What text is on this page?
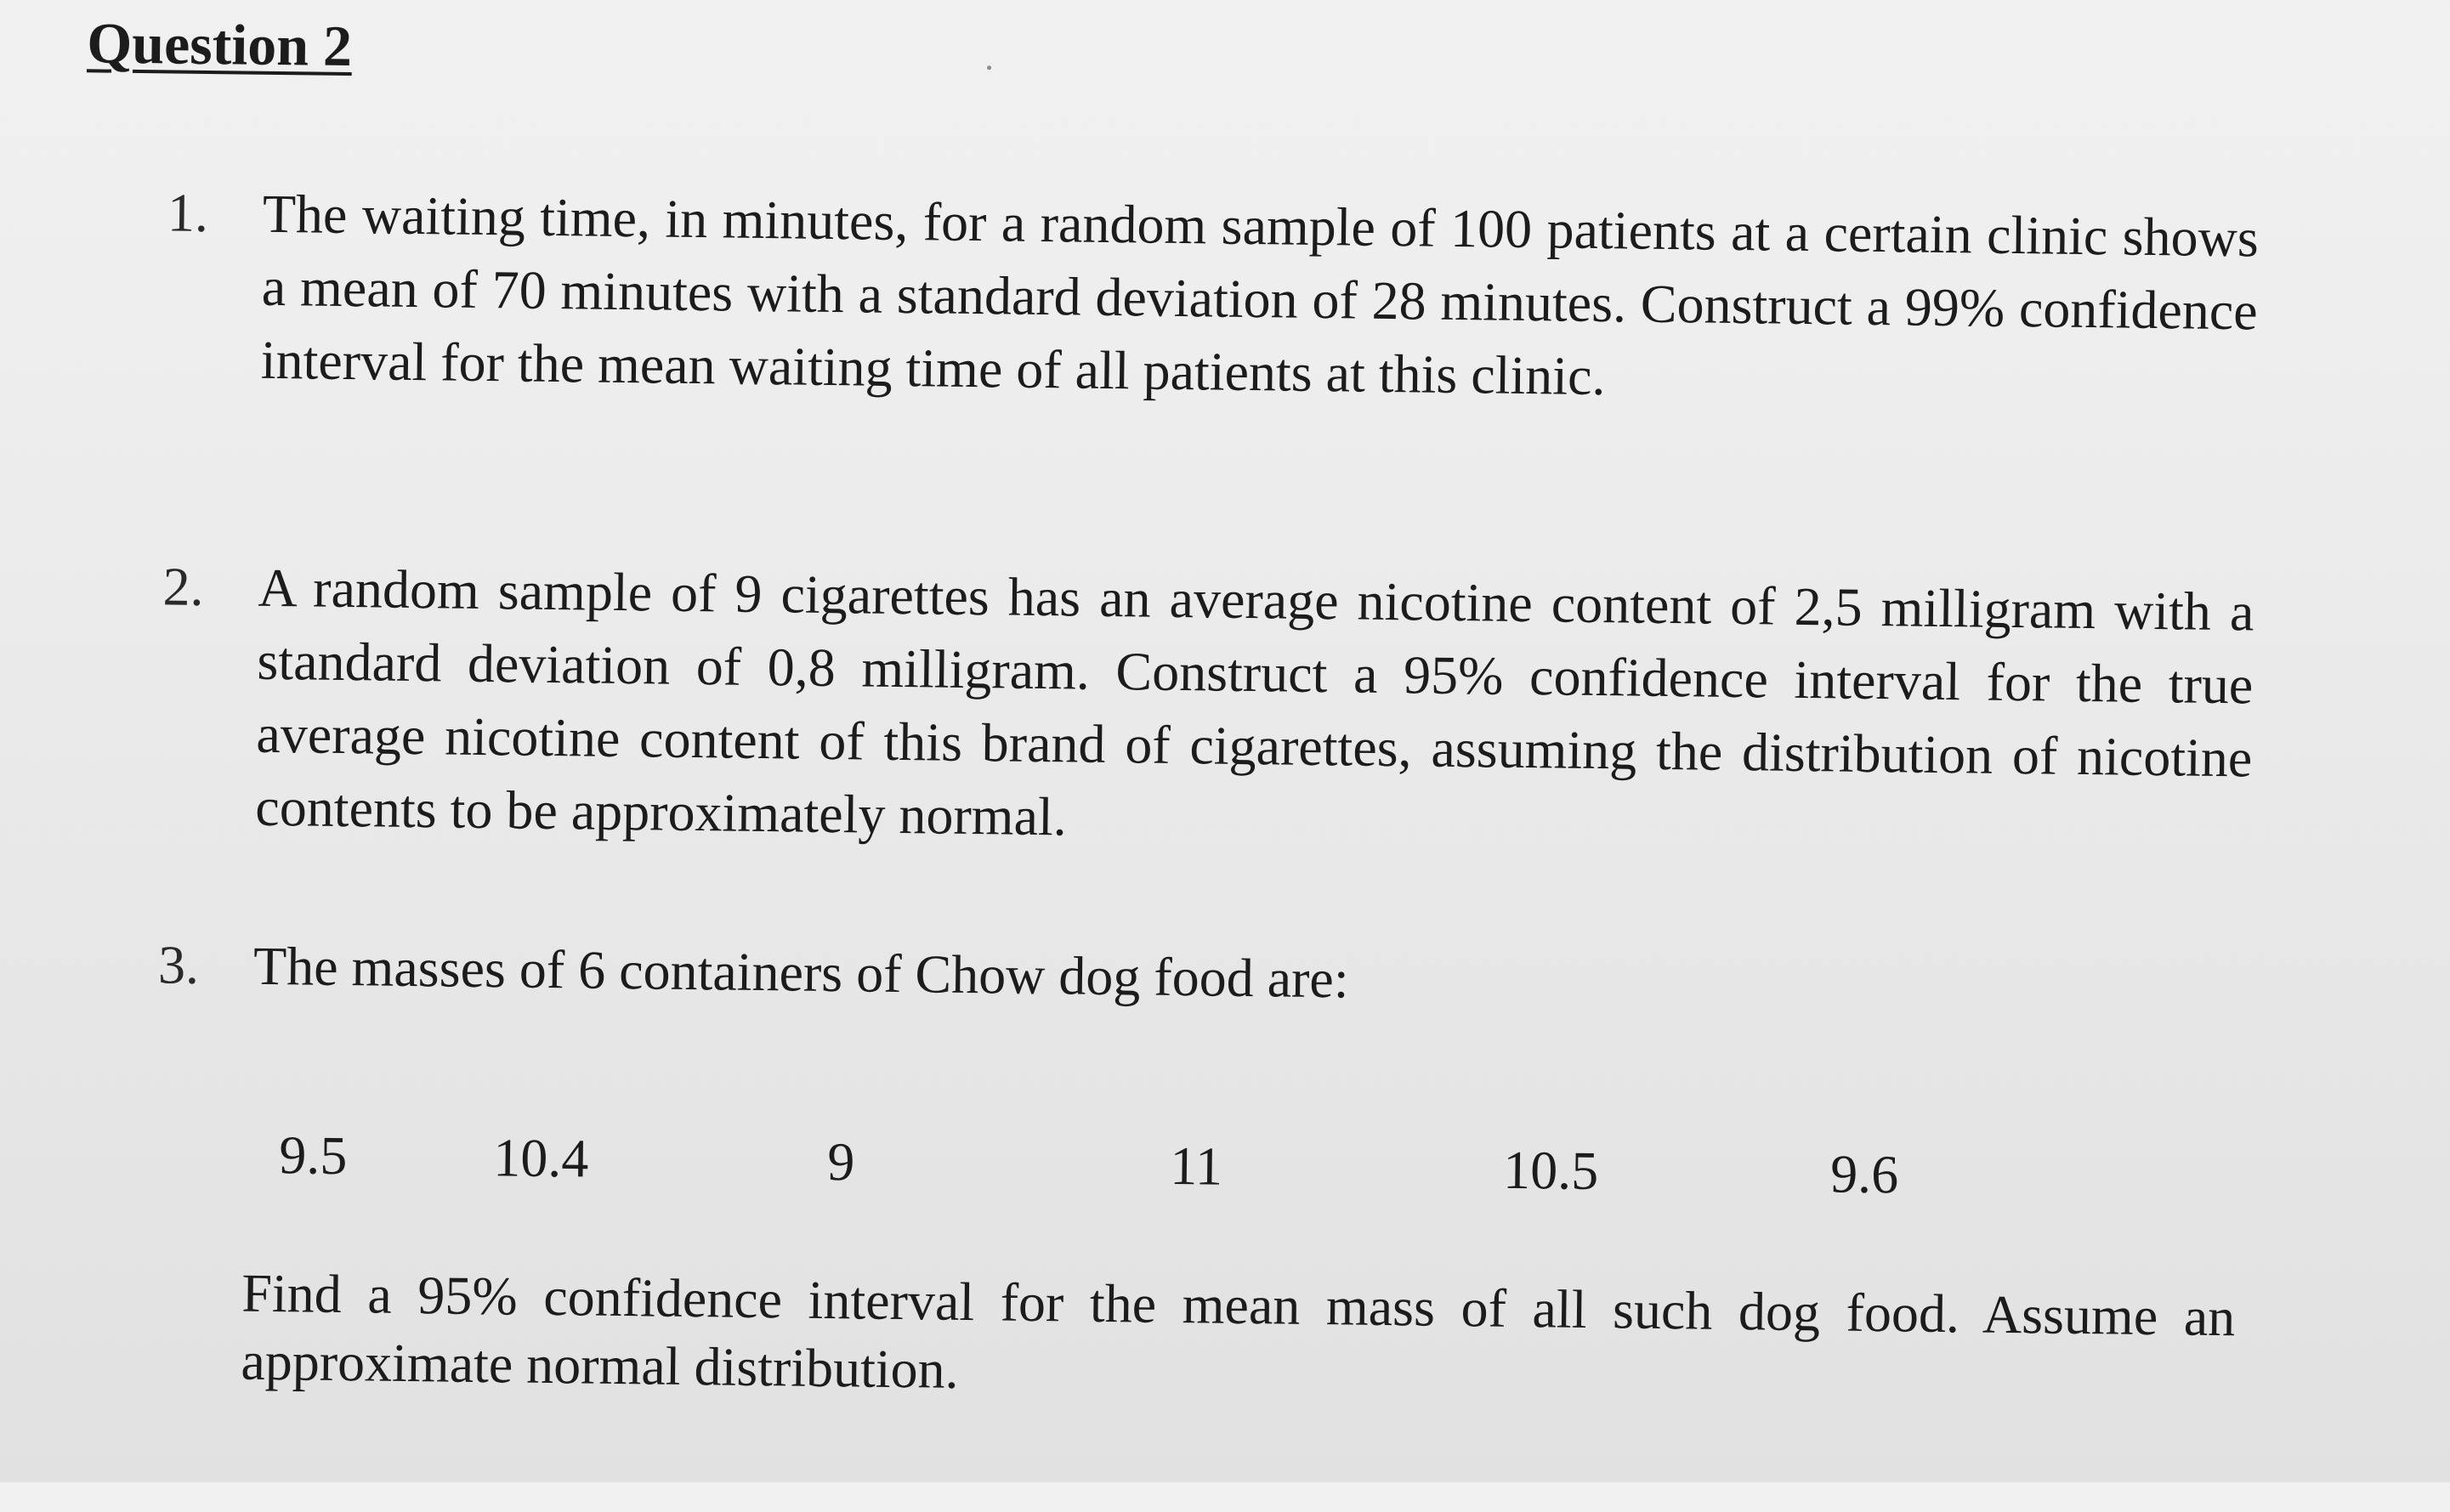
Question 2
1. The waiting time, in minutes, for a random sample of 100 patients at a certain clinic shows a mean of 70 minutes with a standard deviation of 28 minutes. Construct a 99% confidence interval for the mean waiting time of all patients at this clinic.
2. A random sample of 9 cigarettes has an average nicotine content of 2,5 milligram with a standard deviation of 0,8 milligram. Construct a 95% confidence interval for the true average nicotine content of this brand of cigarettes, assuming the distribution of nicotine contents to be approximately normal.
3. The masses of 6 containers of Chow dog food are:
9.5	10.4	9	11	10.5	9.6
Find a 95% confidence interval for the mean mass of all such dog food. Assume an approximate normal distribution.
